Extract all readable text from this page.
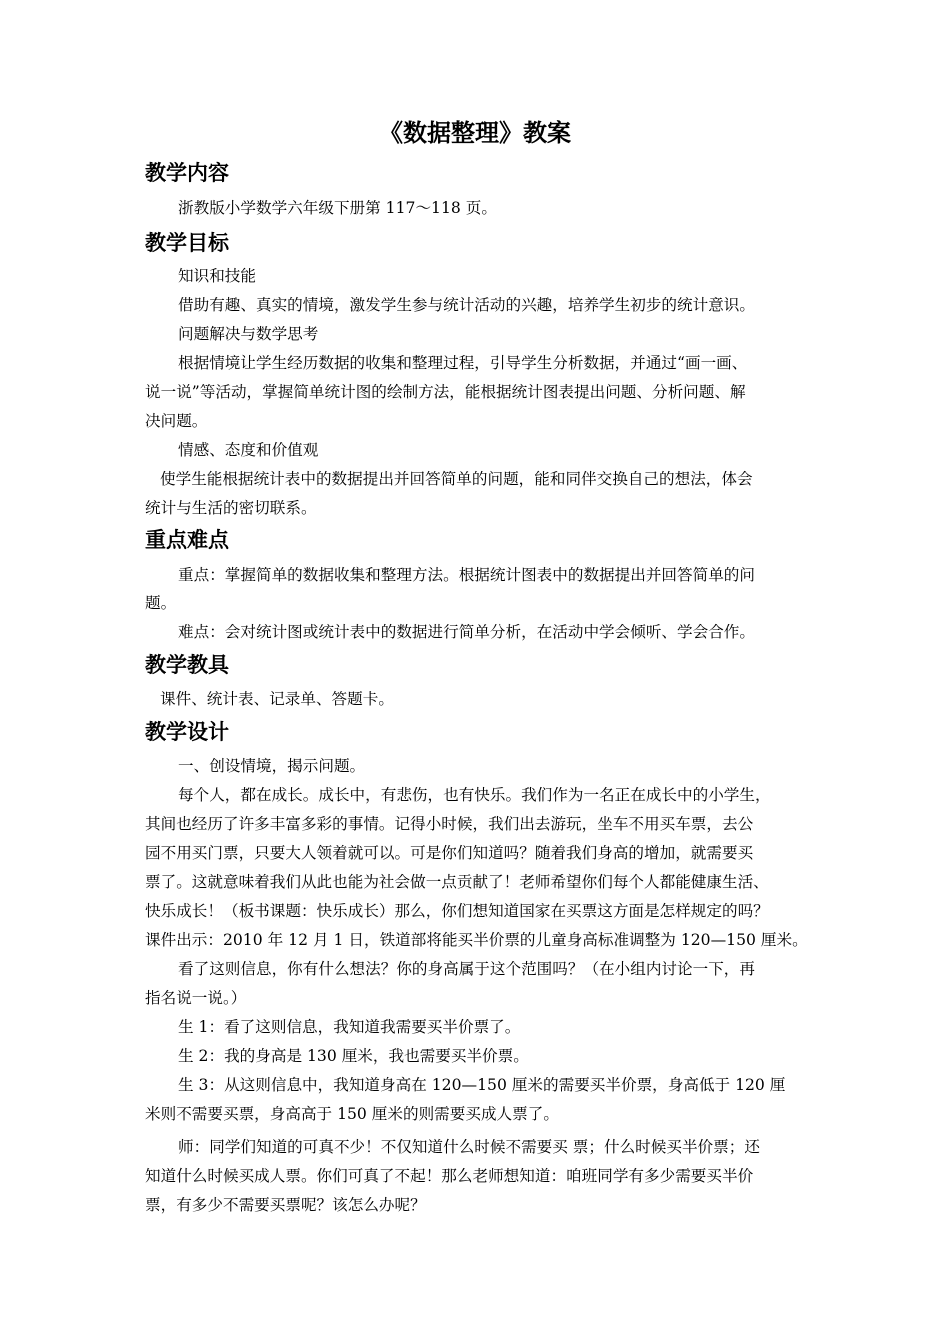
《数据整理》教案
教学内容
浙教版小学数学六年级下册第 117～118 页。
教学目标
知识和技能
借助有趣、真实的情境，激发学生参与统计活动的兴趣，培养学生初步的统计意识。
问题解决与数学思考
根据情境让学生经历数据的收集和整理过程，引导学生分析数据，并通过“画一画、
说一说”等活动，掌握简单统计图的绘制方法，能根据统计图表提出问题、分析问题、解
决问题。
情感、态度和价值观
使学生能根据统计表中的数据提出并回答简单的问题，能和同伴交换自己的想法，体会
统计与生活的密切联系。
重点难点
重点：掌握简单的数据收集和整理方法。根据统计图表中的数据提出并回答简单的问
题。
难点：会对统计图或统计表中的数据进行简单分析，在活动中学会倾听、学会合作。
教学教具
课件、统计表、记录单、答题卡。
教学设计
一、创设情境，揭示问题。
每个人，都在成长。成长中，有悲伤，也有快乐。我们作为一名正在成长中的小学生，
其间也经历了许多丰富多彩的事情。记得小时候，我们出去游玩，坐车不用买车票，去公
园不用买门票，只要大人领着就可以。可是你们知道吗？随着我们身高的增加，就需要买
票了。这就意味着我们从此也能为社会做一点贡献了！老师希望你们每个人都能健康生活、
快乐成长！（板书课题：快乐成长）那么，你们想知道国家在买票这方面是怎样规定的吗？
课件出示：2010 年 12 月 1 日，铁道部将能买半价票的儿童身高标准调整为 120—150 厘米。
看了这则信息，你有什么想法？你的身高属于这个范围吗？（在小组内讨论一下，再
指名说一说。）
生 1：看了这则信息，我知道我需要买半价票了。
生 2：我的身高是 130 厘米，我也需要买半价票。
生 3：从这则信息中，我知道身高在 120—150 厘米的需要买半价票，身高低于 120 厘
米则不需要买票，身高高于 150 厘米的则需要买成人票了。
师：同学们知道的可真不少！不仅知道什么时候不需要买 票；什么时候买半价票；还
知道什么时候买成人票。你们可真了不起！那么老师想知道：咱班同学有多少需要买半价
票，有多少不需要买票呢？该怎么办呢？
